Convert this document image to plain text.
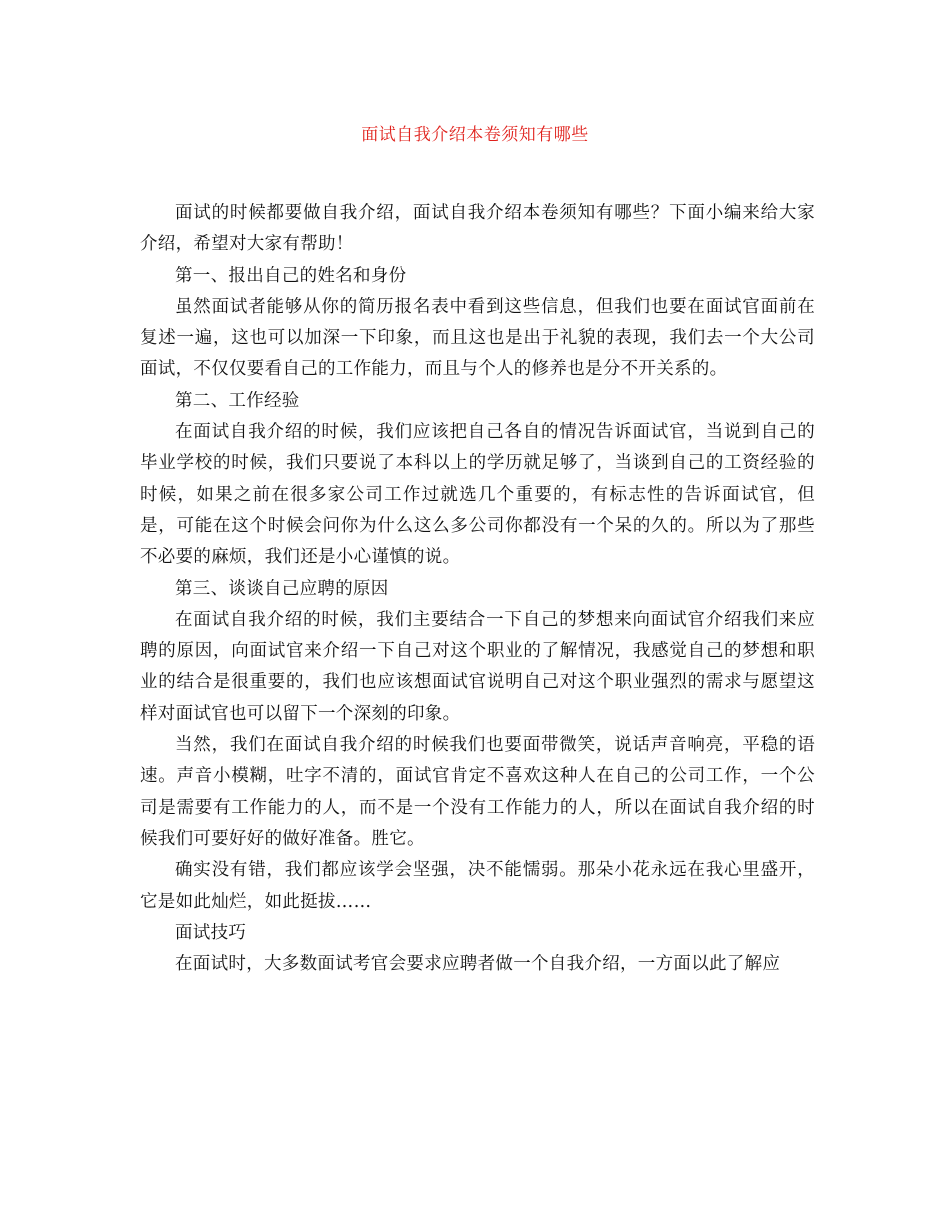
面试自我介绍本卷须知有哪些

面试的时候都要做自我介绍，面试自我介绍本卷须知有哪些？下面小编来给大家介绍，希望对大家有帮助！

第一、报出自己的姓名和身份

虽然面试者能够从你的简历报名表中看到这些信息，但我们也要在面试官面前在复述一遍，这也可以加深一下印象，而且这也是出于礼貌的表现，我们去一个大公司面试，不仅仅要看自己的工作能力，而且与个人的修养也是分不开关系的。

第二、工作经验

在面试自我介绍的时候，我们应该把自己各自的情况告诉面试官，当说到自己的毕业学校的时候，我们只要说了本科以上的学历就足够了，当谈到自己的工资经验的时候，如果之前在很多家公司工作过就选几个重要的，有标志性的告诉面试官，但是，可能在这个时候会问你为什么这么多公司你都没有一个呆的久的。所以为了那些不必要的麻烦，我们还是小心谨慎的说。

第三、谈谈自己应聘的原因

在面试自我介绍的时候，我们主要结合一下自己的梦想来向面试官介绍我们来应聘的原因，向面试官来介绍一下自己对这个职业的了解情况，我感觉自己的梦想和职业的结合是很重要的，我们也应该想面试官说明自己对这个职业强烈的需求与愿望这样对面试官也可以留下一个深刻的印象。

当然，我们在面试自我介绍的时候我们也要面带微笑，说话声音响亮，平稳的语速。声音小模糊，吐字不清的，面试官肯定不喜欢这种人在自己的公司工作，一个公司是需要有工作能力的人，而不是一个没有工作能力的人，所以在面试自我介绍的时候我们可要好好的做好准备。胜它。

确实没有错，我们都应该学会坚强，决不能懦弱。那朵小花永远在我心里盛开，它是如此灿烂，如此挺拔……

面试技巧

在面试时，大多数面试考官会要求应聘者做一个自我介绍，一方面以此了解应
